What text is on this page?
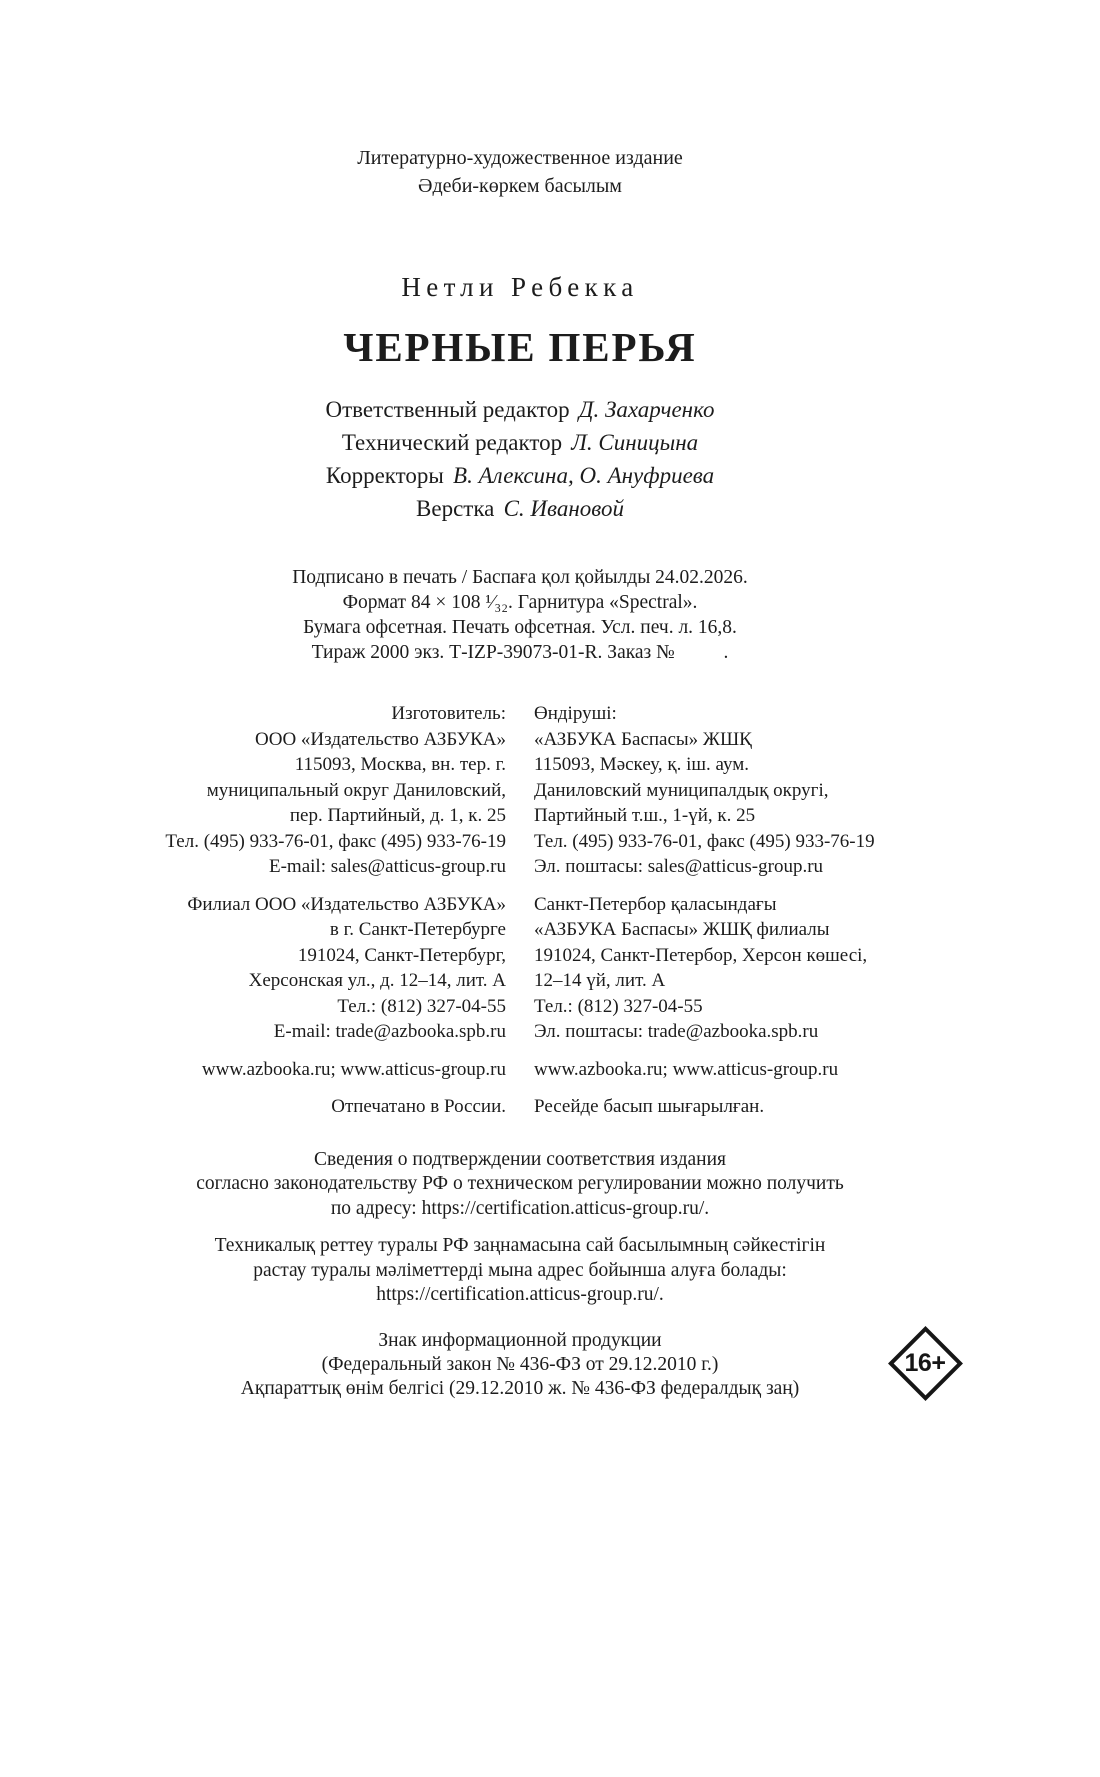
Литературно-художественное издание
Әдеби-көркем басылым
Нетли Ребекка
ЧЕРНЫЕ ПЕРЬЯ
Ответственный редактор Д. Захарченко
Технический редактор Л. Синицына
Корректоры В. Алексина, О. Ануфриева
Верстка С. Ивановой
Подписано в печать / Баспаға қол қойылды 24.02.2026.
Формат 84 × 108 ¹⁄₃₂. Гарнитура «Spectral».
Бумага офсетная. Печать офсетная. Усл. печ. л. 16,8.
Тираж 2000 экз. Т-IZP-39073-01-R. Заказ №          .
Изготовитель:
ООО «Издательство АЗБУКА»
115093, Москва, вн. тер. г.
муниципальный округ Даниловский,
пер. Партийный, д. 1, к. 25
Тел. (495) 933-76-01, факс (495) 933-76-19
E-mail: sales@atticus-group.ru
Филиал ООО «Издательство АЗБУКА»
в г. Санкт-Петербурге
191024, Санкт-Петербург,
Херсонская ул., д. 12–14, лит. А
Тел.: (812) 327-04-55
E-mail: trade@azbooka.spb.ru
www.azbooka.ru; www.atticus-group.ru
Отпечатано в России.
Өндіруші:
«АЗБУКА Баспасы» ЖШҚ
115093, Мәскеу, қ. іш. аум.
Даниловский муниципалдық округі,
Партийный т.ш., 1-үй, к. 25
Тел. (495) 933-76-01, факс (495) 933-76-19
Эл. поштасы: sales@atticus-group.ru
Санкт-Петербор қаласындағы
«АЗБУКА Баспасы» ЖШҚ филиалы
191024, Санкт-Петербор, Херсон көшесі,
12–14 үй, лит. А
Тел.: (812) 327-04-55
Эл. поштасы: trade@azbooka.spb.ru
www.azbooka.ru; www.atticus-group.ru
Ресейде басып шығарылған.
Сведения о подтверждении соответствия издания
согласно законодательству РФ о техническом регулировании можно получить
по адресу: https://certification.atticus-group.ru/.
Техникалық реттеу туралы РФ заңнамасына сай басылымның сәйкестігін
растау туралы мәліметтерді мына адрес бойынша алуға болады:
https://certification.atticus-group.ru/.
Знак информационной продукции
(Федеральный закон № 436-ФЗ от 29.12.2010 г.)
Ақпараттық өнім белгісі (29.12.2010 ж. № 436-ФЗ федералдық заң)
16+
